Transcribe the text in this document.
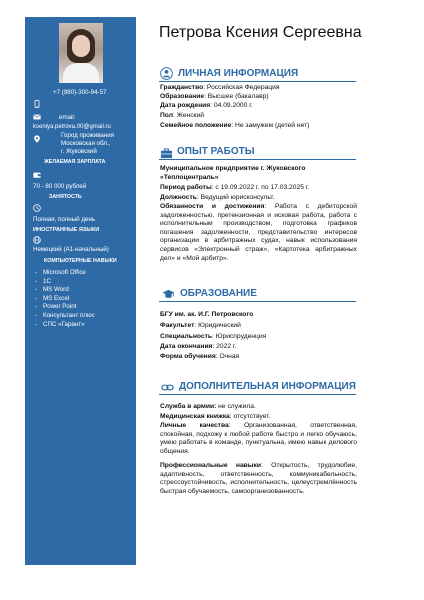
+7 (980)-300-94-57
email:
kseniya.petrova.00@gmail.ru
Город проживания
Московская обл.,
г. Жуковский
ЖЕЛАЕМАЯ ЗАРПЛАТА
70 - 80 000 рублей
ЗАНЯТОСТЬ
Полная, полный день
ИНОСТРАННЫЕ ЯЗЫКИ
Немецкий (А1-начальный)
КОМПЬЮТЕРНЫЕ НАВЫКИ
- Microsoft Office
- 1С
- MS Word
- MS Excel
- Power Point
- Консультант плюс
- СПС «Гарант»
Петрова Ксения Сергеевна
ЛИЧНАЯ ИНФОРМАЦИЯ
Гражданство: Российская Федерация
Образование: Высшее (бакалавр)
Дата рождения: 04.09.2000 г.
Пол: Женский
Семейное положение: Не замужем (детей нет)
ОПЫТ РАБОТЫ
Муниципальное предприятие г. Жуковского
«Теплоцентраль»
Период работы: с 19.09.2022 г. по 17.03.2025 г.
Должность: Ведущий юрисконсульт.
Обязанности и достижения: Работа с дебиторской задолженностью, претензионная и исковая работа, работа с исполнительным производством, подготовка графиков погашения задолженности, представительство интересов организации в арбитражных судах, навык использования сервисов «Электронный страж», «Картотека арбитражных дел» и «Мой арбитр».
ОБРАЗОВАНИЕ
БГУ им. ак. И.Г. Петровского
Факультет: Юридический
Специальность: Юриспруденция
Дата окончания: 2022 г.
Форма обучения: Очная
ДОПОЛНИТЕЛЬНАЯ ИНФОРМАЦИЯ
Служба в армии: не служила.
Медицинская книжка: отсутствует.
Личные качества: Организованная, ответственная, спокойная, подхожу к любой работе быстро и легко обучаюсь, умею работать в команде, пунктуальна, имею навык делового общения.
Профессиональные навыки: Открытость, трудолюбие, адаптивность, ответственность, коммуникабельность, стрессоустойчивость, исполнительность, целеустремлённость быстрая обучаемость, самоорганизованность.
